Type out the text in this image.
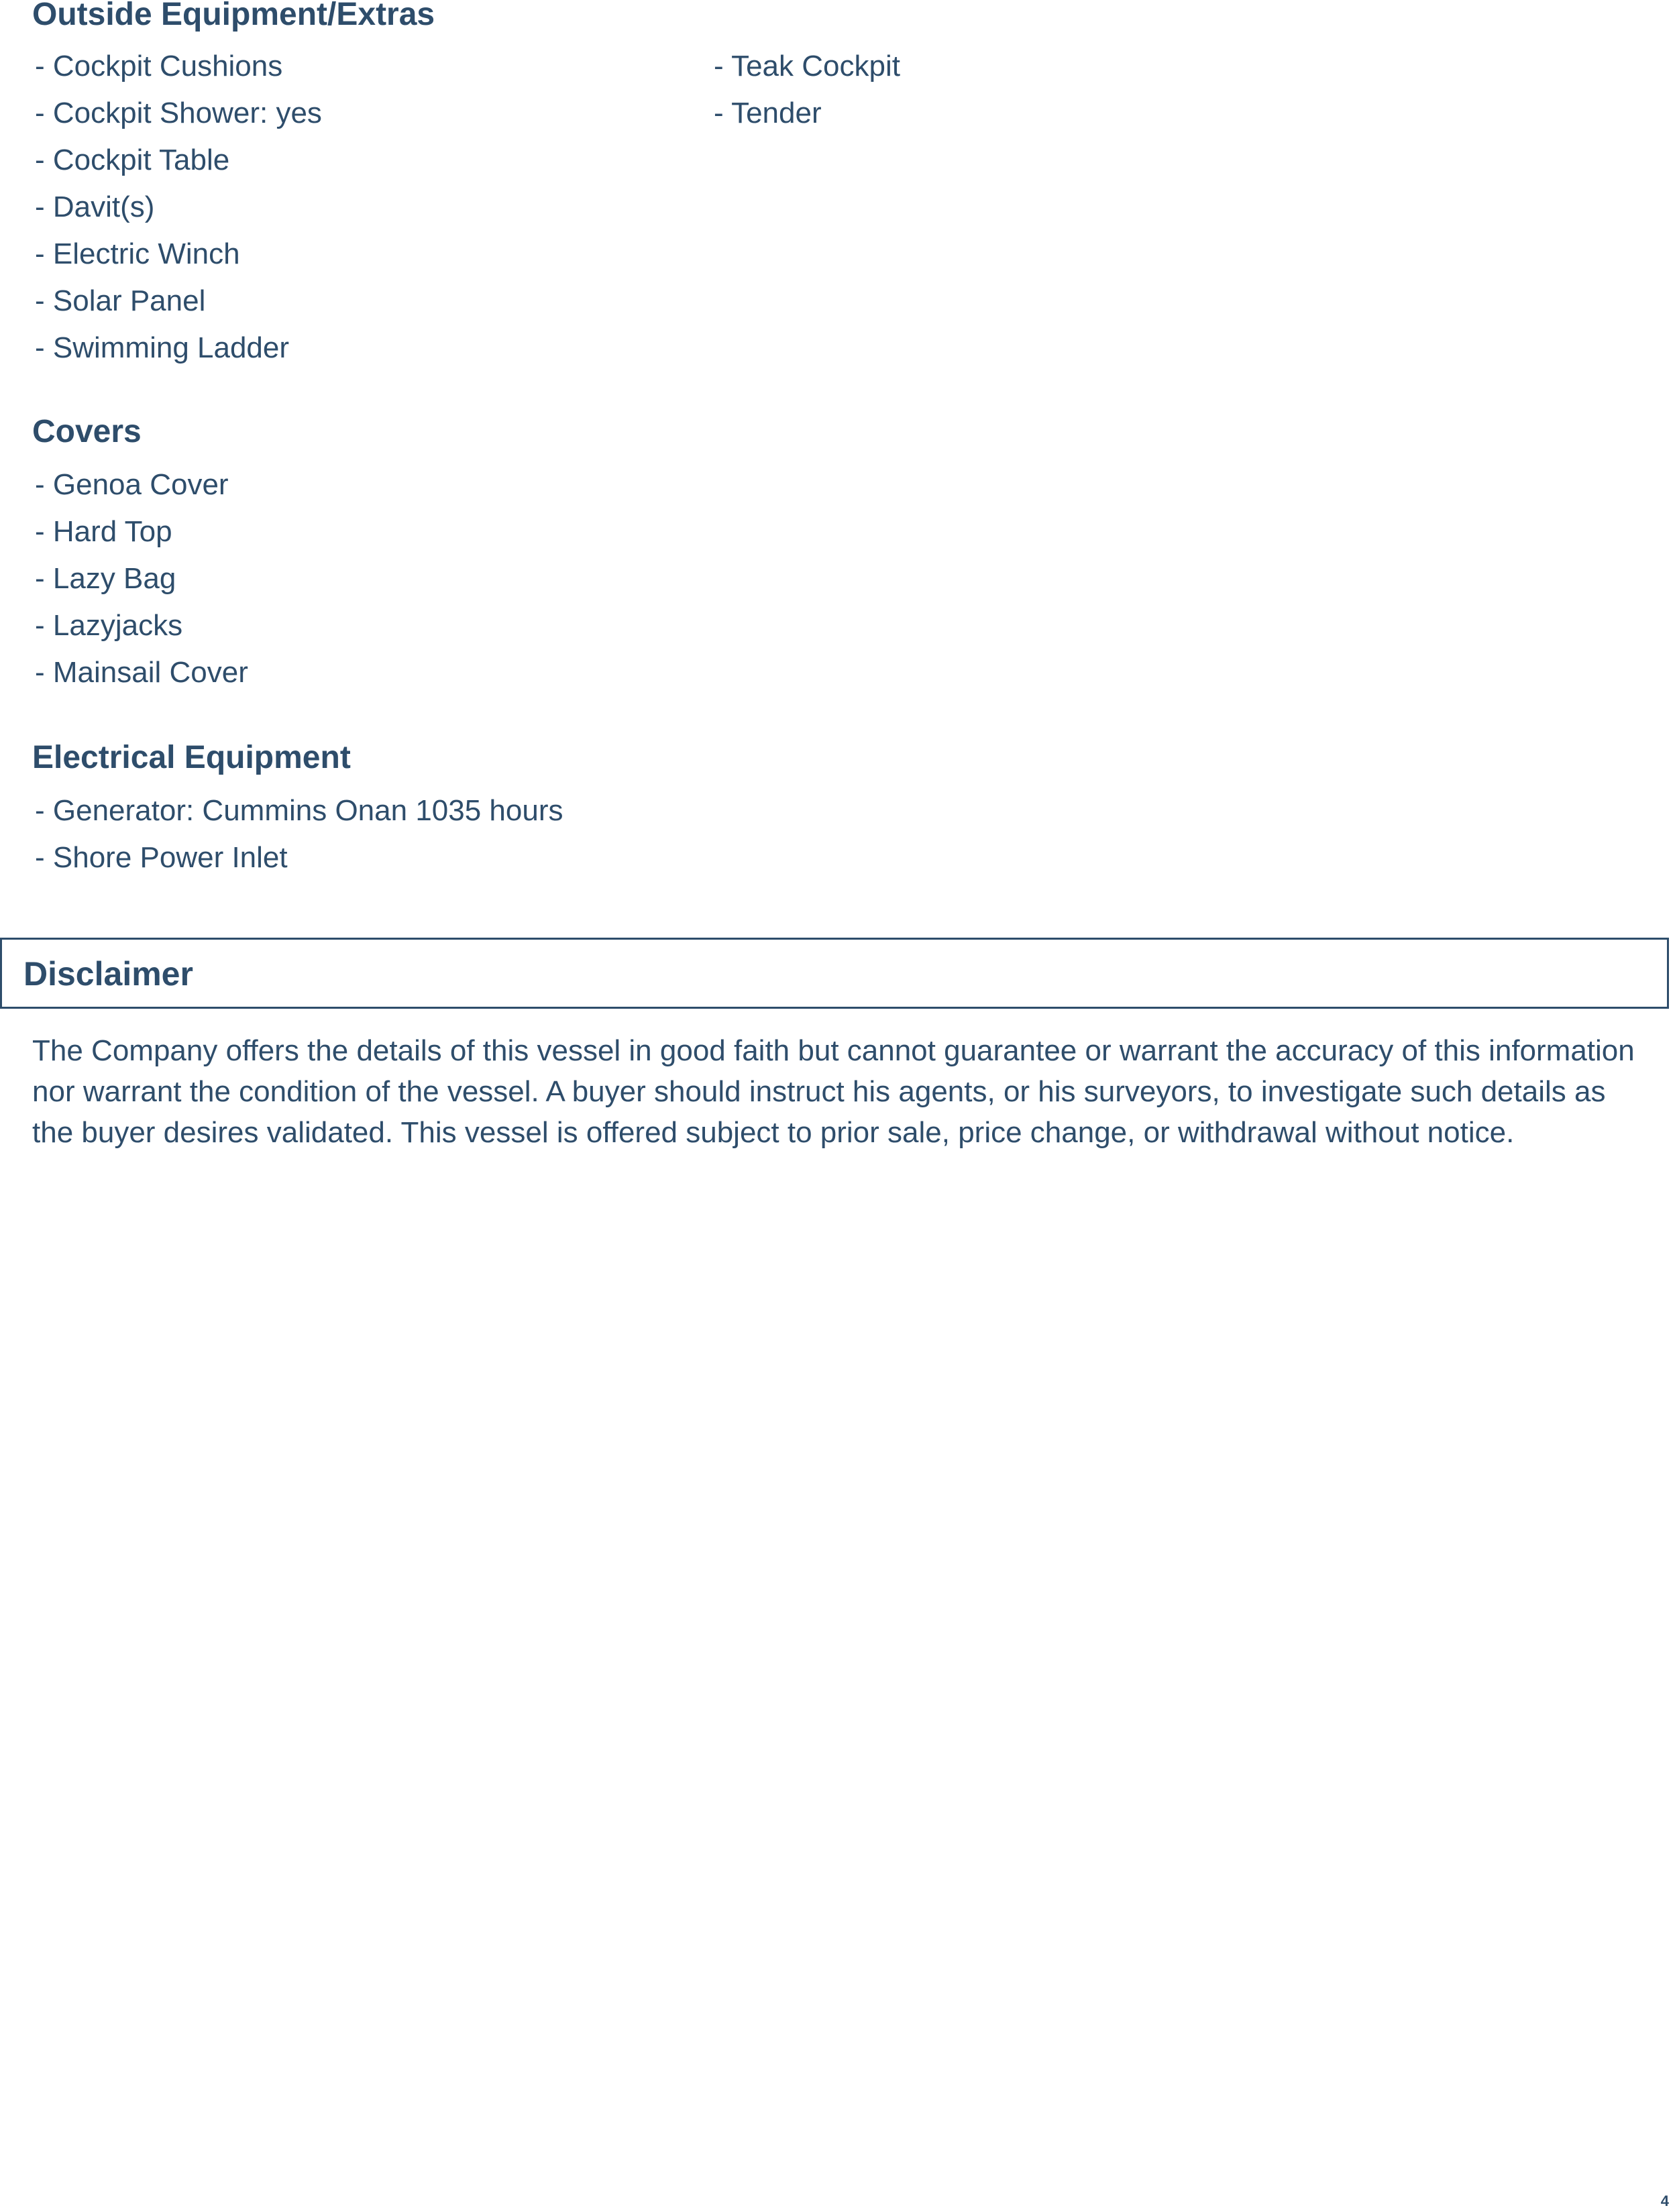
Outside Equipment/Extras
- Cockpit Cushions
- Cockpit Shower: yes
- Cockpit Table
- Davit(s)
- Electric Winch
- Solar Panel
- Swimming Ladder
- Teak Cockpit
- Tender
Covers
- Genoa Cover
- Hard Top
- Lazy Bag
- Lazyjacks
- Mainsail Cover
Electrical Equipment
- Generator: Cummins Onan 1035 hours
- Shore Power Inlet
Disclaimer

The Company offers the details of this vessel in good faith but cannot guarantee or warrant the accuracy of this information nor warrant the condition of the vessel. A buyer should instruct his agents, or his surveyors, to investigate such details as the buyer desires validated. This vessel is offered subject to prior sale, price change, or withdrawal without notice.

4
